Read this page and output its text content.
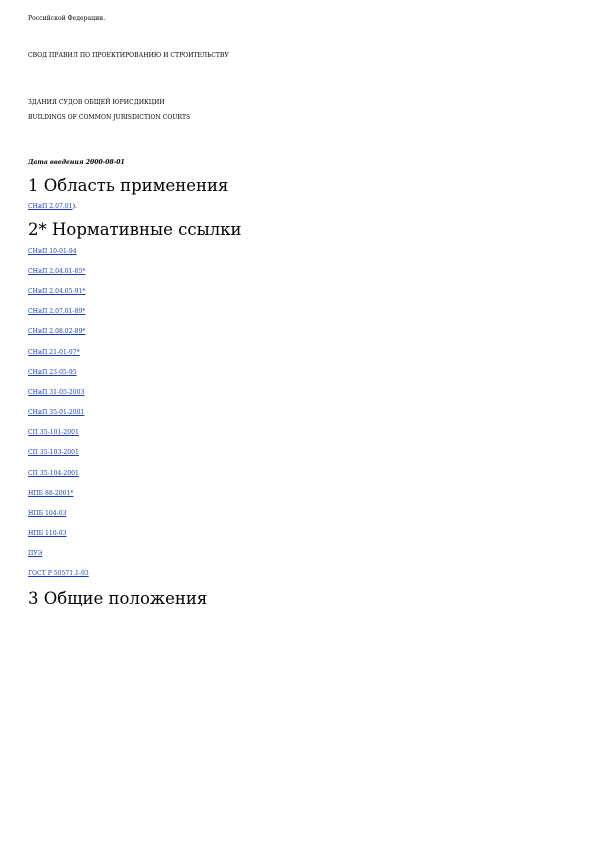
Российской Федерации.

СВОД ПРАВИЛ ПО ПРОЕКТИРОВАНИЮ И СТРОИТЕЛЬСТВУ

ЗДАНИЯ СУДОВ ОБЩЕЙ ЮРИСДИКЦИИ

BUILDINGS OF COMMON JURISDICTION COURTS

Дата введения 2000-08-01

1 Область применения

СНиП 2.07.01).

2* Нормативные ссылки

СНиП 10-01-94

СНиП 2.04.01-85*

СНиП 2.04.05-91*

СНиП 2.07.01-89*

СНиП 2.08.02-89*

СНиП 21-01-97*

СНиП 23-05-95

СНиП 31-05-2003

СНиП 35-01-2001

СП 35-101-2001

СП 35-103-2001

СП 35-104-2001

НПБ 88-2001*

НПБ 104-03

НПБ 110-03

ПУЭ

ГОСТ Р 50571.1-93

3 Общие положения
